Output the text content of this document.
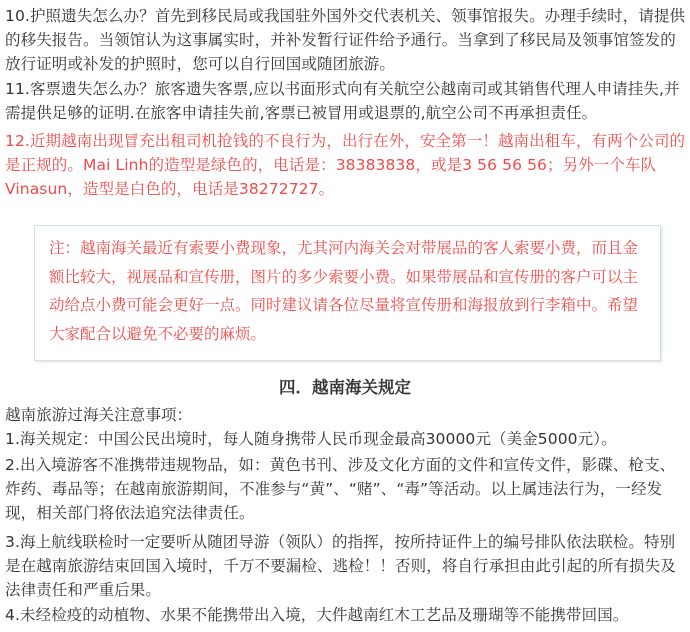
10.护照遗失怎么办？首先到移民局或我国驻外国外交代表机关、领事馆报失。办理手续时，请提供的移失报告。当领馆认为这事属实时，并补发暂行证件给予通行。当拿到了移民局及领事馆签发的放行证明或补发的护照时，您可以自行回国或随团旅游。

11.客票遗失怎么办？旅客遗失客票,应以书面形式向有关航空公越南司或其销售代理人申请挂失,并需提供足够的证明.在旅客申请挂失前,客票已被冒用或退票的,航空公司不再承担责任。

12.近期越南出现冒充出租司机抢钱的不良行为，出行在外，安全第一！越南出租车，有两个公司的是正规的。Mai Linh的造型是绿色的，电话是：38383838，或是3 56 56 56；另外一个车队Vinasun，造型是白色的，电话是38272727。

注：越南海关最近有索要小费现象，尤其河内海关会对带展品的客人索要小费，而且金额比较大，视展品和宣传册，图片的多少索要小费。如果带展品和宣传册的客户可以主动给点小费可能会更好一点。同时建议请各位尽量将宣传册和海报放到行李箱中。希望大家配合以避免不必要的麻烦。

四．越南海关规定

越南旅游过海关注意事项：

1.海关规定：中国公民出境时，每人随身携带人民币现金最高30000元（美金5000元）。

2.出入境游客不准携带违规物品，如：黄色书刊、涉及文化方面的文件和宣传文件，影碟、枪支、炸药、毒品等；在越南旅游期间，不准参与“黄”、“赌”、“毒”等活动。以上属违法行为，一经发现，相关部门将依法追究法律责任。

3.海上航线联检时一定要听从随团导游（领队）的指挥，按所持证件上的编号排队依法联检。特别是在越南旅游结束回国入境时，千万不要漏检、逃检！！否则，将自行承担由此引起的所有损失及法律责任和严重后果。

4.未经检疫的动植物、水果不能携带出入境，大件越南红木工艺品及珊瑚等不能携带回国。
